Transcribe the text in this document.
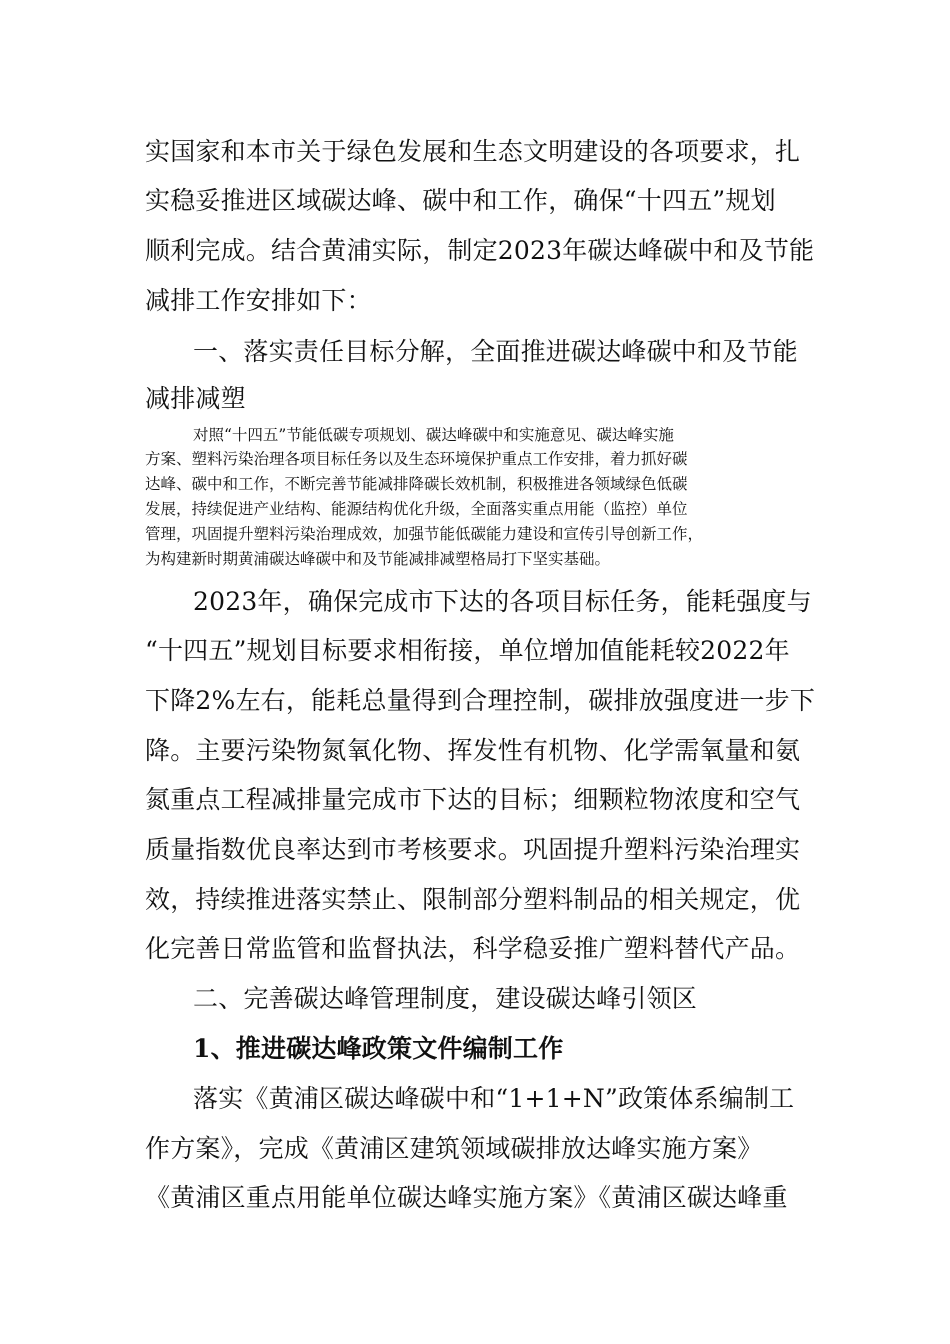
实国家和本市关于绿色发展和生态文明建设的各项要求，扎
实稳妥推进区域碳达峰、碳中和工作，确保“十四五”规划
顺利完成。结合黄浦实际，制定2023年碳达峰碳中和及节能
减排工作安排如下：
一、落实责任目标分解，全面推进碳达峰碳中和及节能
减排减塑
对照“十四五”节能低碳专项规划、碳达峰碳中和实施意见、碳达峰实施
方案、塑料污染治理各项目标任务以及生态环境保护重点工作安排，着力抓好碳
达峰、碳中和工作，不断完善节能减排降碳长效机制，积极推进各领域绿色低碳
发展，持续促进产业结构、能源结构优化升级，全面落实重点用能（监控）单位
管理，巩固提升塑料污染治理成效，加强节能低碳能力建设和宣传引导创新工作，
为构建新时期黄浦碳达峰碳中和及节能减排减塑格局打下坚实基础。
2023年，确保完成市下达的各项目标任务，能耗强度与
“十四五”规划目标要求相衔接，单位增加值能耗较2022年
下降2%左右，能耗总量得到合理控制，碳排放强度进一步下
降。主要污染物氮氧化物、挥发性有机物、化学需氧量和氨
氮重点工程减排量完成市下达的目标；细颗粒物浓度和空气
质量指数优良率达到市考核要求。巩固提升塑料污染治理实
效，持续推进落实禁止、限制部分塑料制品的相关规定，优
化完善日常监管和监督执法，科学稳妥推广塑料替代产品。
二、完善碳达峰管理制度，建设碳达峰引领区
1、推进碳达峰政策文件编制工作
落实《黄浦区碳达峰碳中和“1+1+N”政策体系编制工
作方案》，完成《黄浦区建筑领域碳排放达峰实施方案》
《黄浦区重点用能单位碳达峰实施方案》《黄浦区碳达峰重
